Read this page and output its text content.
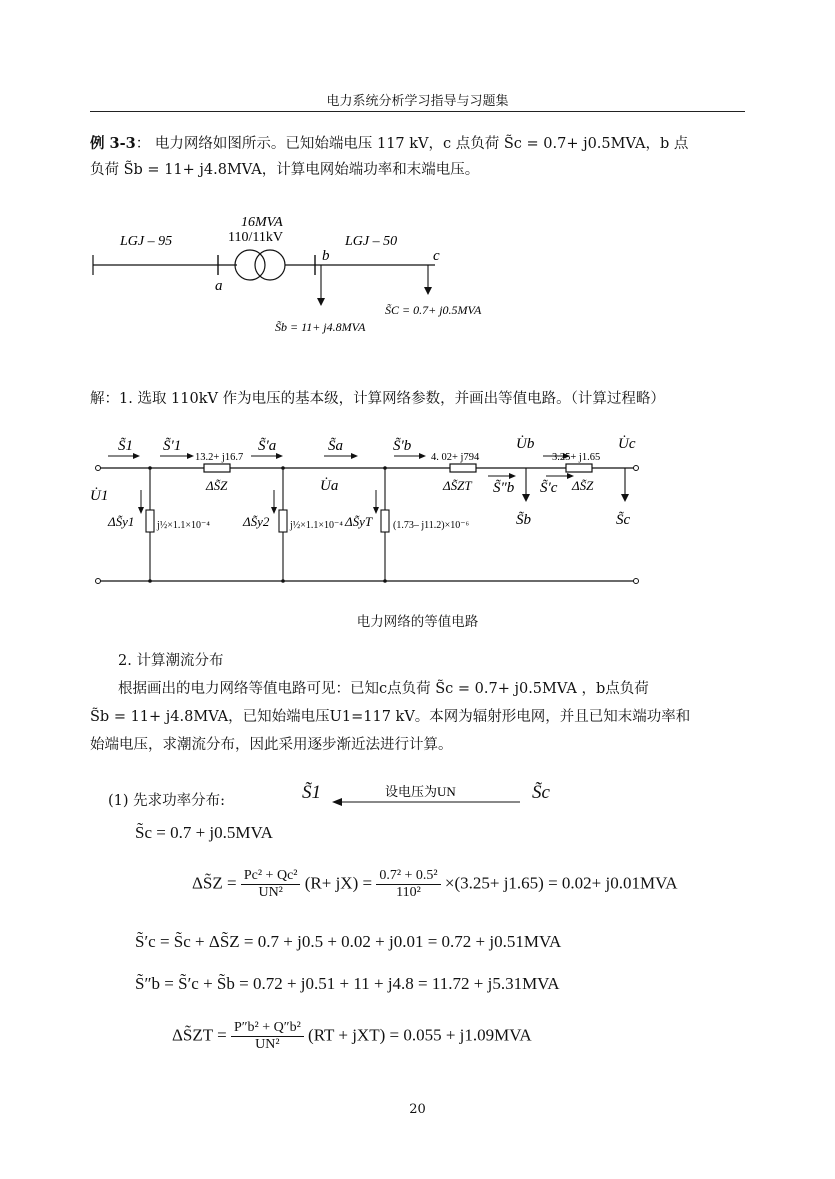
电力系统分析学习指导与习题集
例 3-3： 电力网络如图所示。已知始端电压 117 kV，c 点负荷 S̃c = 0.7+ j0.5MVA，b 点
负荷 S̃b = 11+ j4.8MVA，计算电网始端功率和末端电压。
LGJ – 95
16MVA
110/11kV	LGJ – 50
a
b	c
S̃b = 11+ j4.8MVA
S̃C = 0.7+ j0.5MVA
解：1. 选取 110kV 作为电压的基本级，计算网络参数，并画出等值电路。（计算过程略）
S̃1 S̃′1
13.2+ j16.7
S̃′a	S̃a	S̃′b
4. 02+ j794
U̇b
3.25+ j1.65
U̇c
U̇1
ΔS̃Z	U̇a	ΔS̃ZT S̃″b S̃′c ΔS̃Z
ΔS̃y1 j½×1.1×10⁻⁴	ΔS̃y2 j½×1.1×10⁻⁴ ΔS̃yT (1.73– j11.2)×10⁻⁶	S̃b	S̃c
电力网络的等值电路
2. 计算潮流分布
根据画出的电力网络等值电路可见：已知c点负荷 S̃c = 0.7+ j0.5MVA ，b点负荷
S̃b = 11+ j4.8MVA，已知始端电压U1=117 kV。本网为辐射形电网，并且已知末端功率和
始端电压，求潮流分布，因此采用逐步渐近法进行计算。
(1) 先求功率分布:	S̃1	设电压为UN	S̃c
S̃c = 0.7 + j0.5MVA
ΔS̃Z = $\frac{\text{Pc² + Qc²}}{\text{UN²}} (R+ jX) = \frac{\text{0.7² + 0.5²}}{\text{110²}} \times(3.25+ j1.65) = 0.02+ j0.01MVA$
S̃′c = S̃c + ΔS̃Z = 0.7 + j0.5 + 0.02 + j0.01 = 0.72 + j0.51MVA
S̃″b = S̃′c + S̃b = 0.72 + j0.51 + 11 + j4.8 = 11.72 + j5.31MVA
ΔS̃ZT = $\frac{\text{P″b² + Q″b²}}{\text{UN²}} (RT + jXT) = 0.055 + j1.09MVA$
20
